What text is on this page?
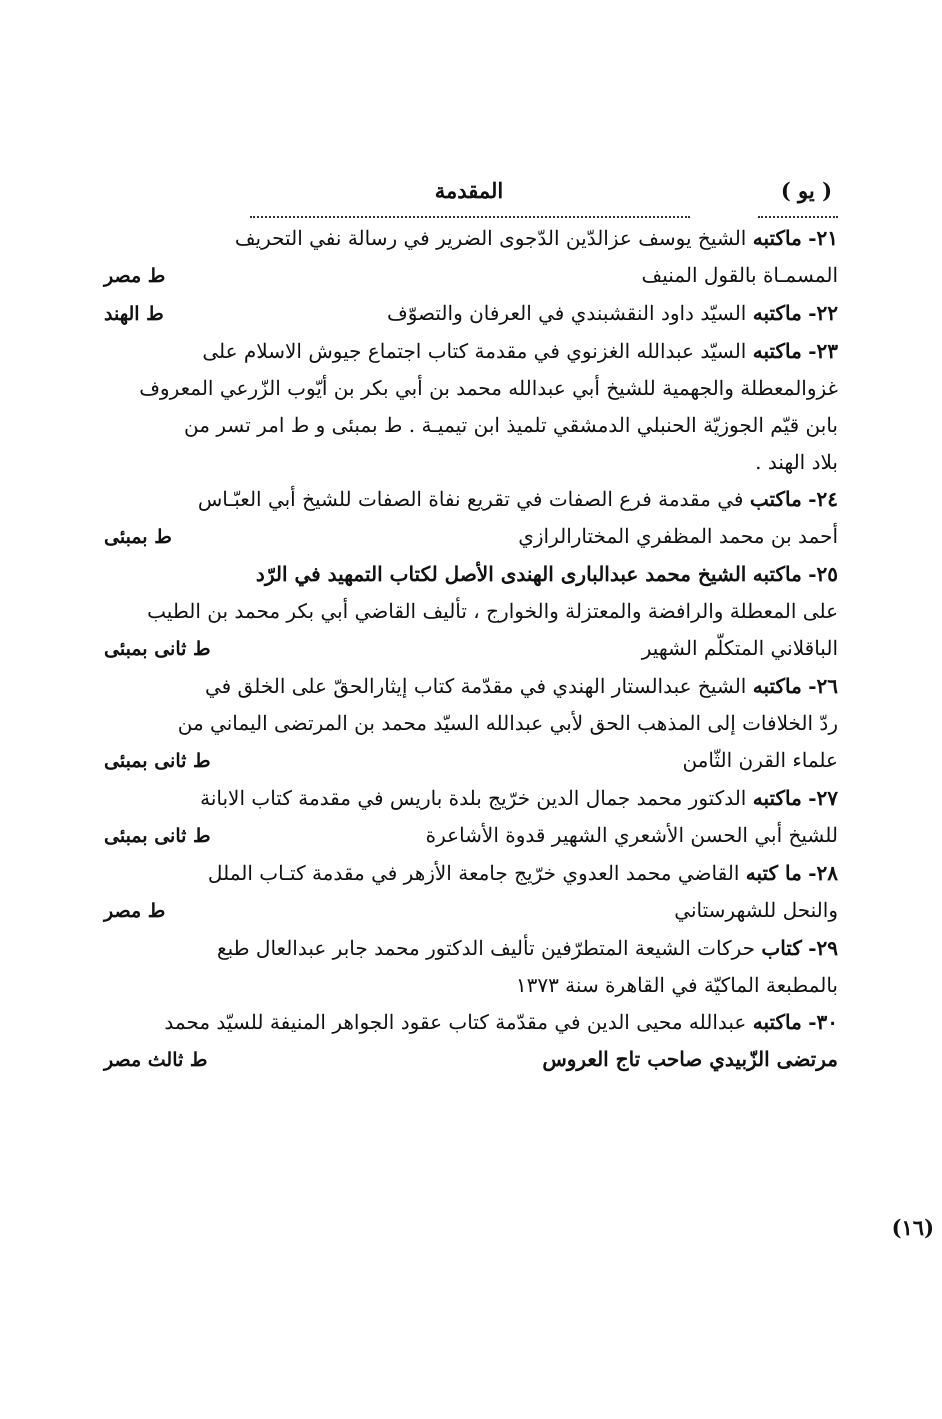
( يو )
المقدمة
٢١- ماكتبه الشيخ يوسف عزالدّين الدّجوى الضرير في رسالة نفي التحريف
المسمـاة بالقول المنيف
ط مصر
٢٢- ماكتبه السيّد داود النقشبندي في العرفان والتصوّف
ط الهند
٢٣- ماكتبه السيّد عبدالله الغزنوي في مقدمة كتاب اجتماع جيوش الاسلام على
غزوالمعطلة والجهمية للشيخ أبي عبدالله محمد بن أبي بكر بن أيّوب الزّرعي المعروف
بابن قيّم الجوزيّة الحنبلي الدمشقي تلميذ ابن تيميـة . ط بمبئى و ط امر تسر من
بلاد الهند .
٢٤- ماكتب في مقدمة فرع الصفات في تقريع نفاة الصفات للشيخ أبي العبّـاس
أحمد بن محمد المظفري المختارالرازي
ط بمبئى
٢٥- ماكتبه الشيخ محمد عبدالبارى الهندى الأصل لكتاب التمهيد في الرّد
على المعطلة والرافضة والمعتزلة والخوارج ، تأليف القاضي أبي بكر محمد بن الطيب
الباقلاني المتكلّم الشهير
ط ثانى بمبئى
٢٦- ماكتبه الشيخ عبدالستار الهندي في مقدّمة كتاب إيثارالحقّ على الخلق في
ردّ الخلافات إلى المذهب الحق لأبي عبدالله السيّد محمد بن المرتضى اليماني من
علماء القرن الثّامن
ط ثانى بمبئى
٢٧- ماكتبه الدكتور محمد جمال الدين خرّيج بلدة باريس في مقدمة كتاب الابانة
للشيخ أبي الحسن الأشعري الشهير قدوة الأشاعرة
ط ثانى بمبئى
٢٨- ما كتبه القاضي محمد العدوي خرّيج جامعة الأزهر في مقدمة كتـاب الملل
والنحل للشهرستاني
ط مصر
٢٩- كتاب حركات الشيعة المتطرّفين تأليف الدكتور محمد جابر عبدالعال طبع
بالمطبعة الماكيّة في القاهرة سنة ١٣٧٣
٣٠- ماكتبه عبدالله محيى الدين في مقدّمة كتاب عقود الجواهر المنيفة للسيّد محمد
مرتضى الزّبيدي صاحب تاج العروس
ط ثالث مصر
(١٦)
